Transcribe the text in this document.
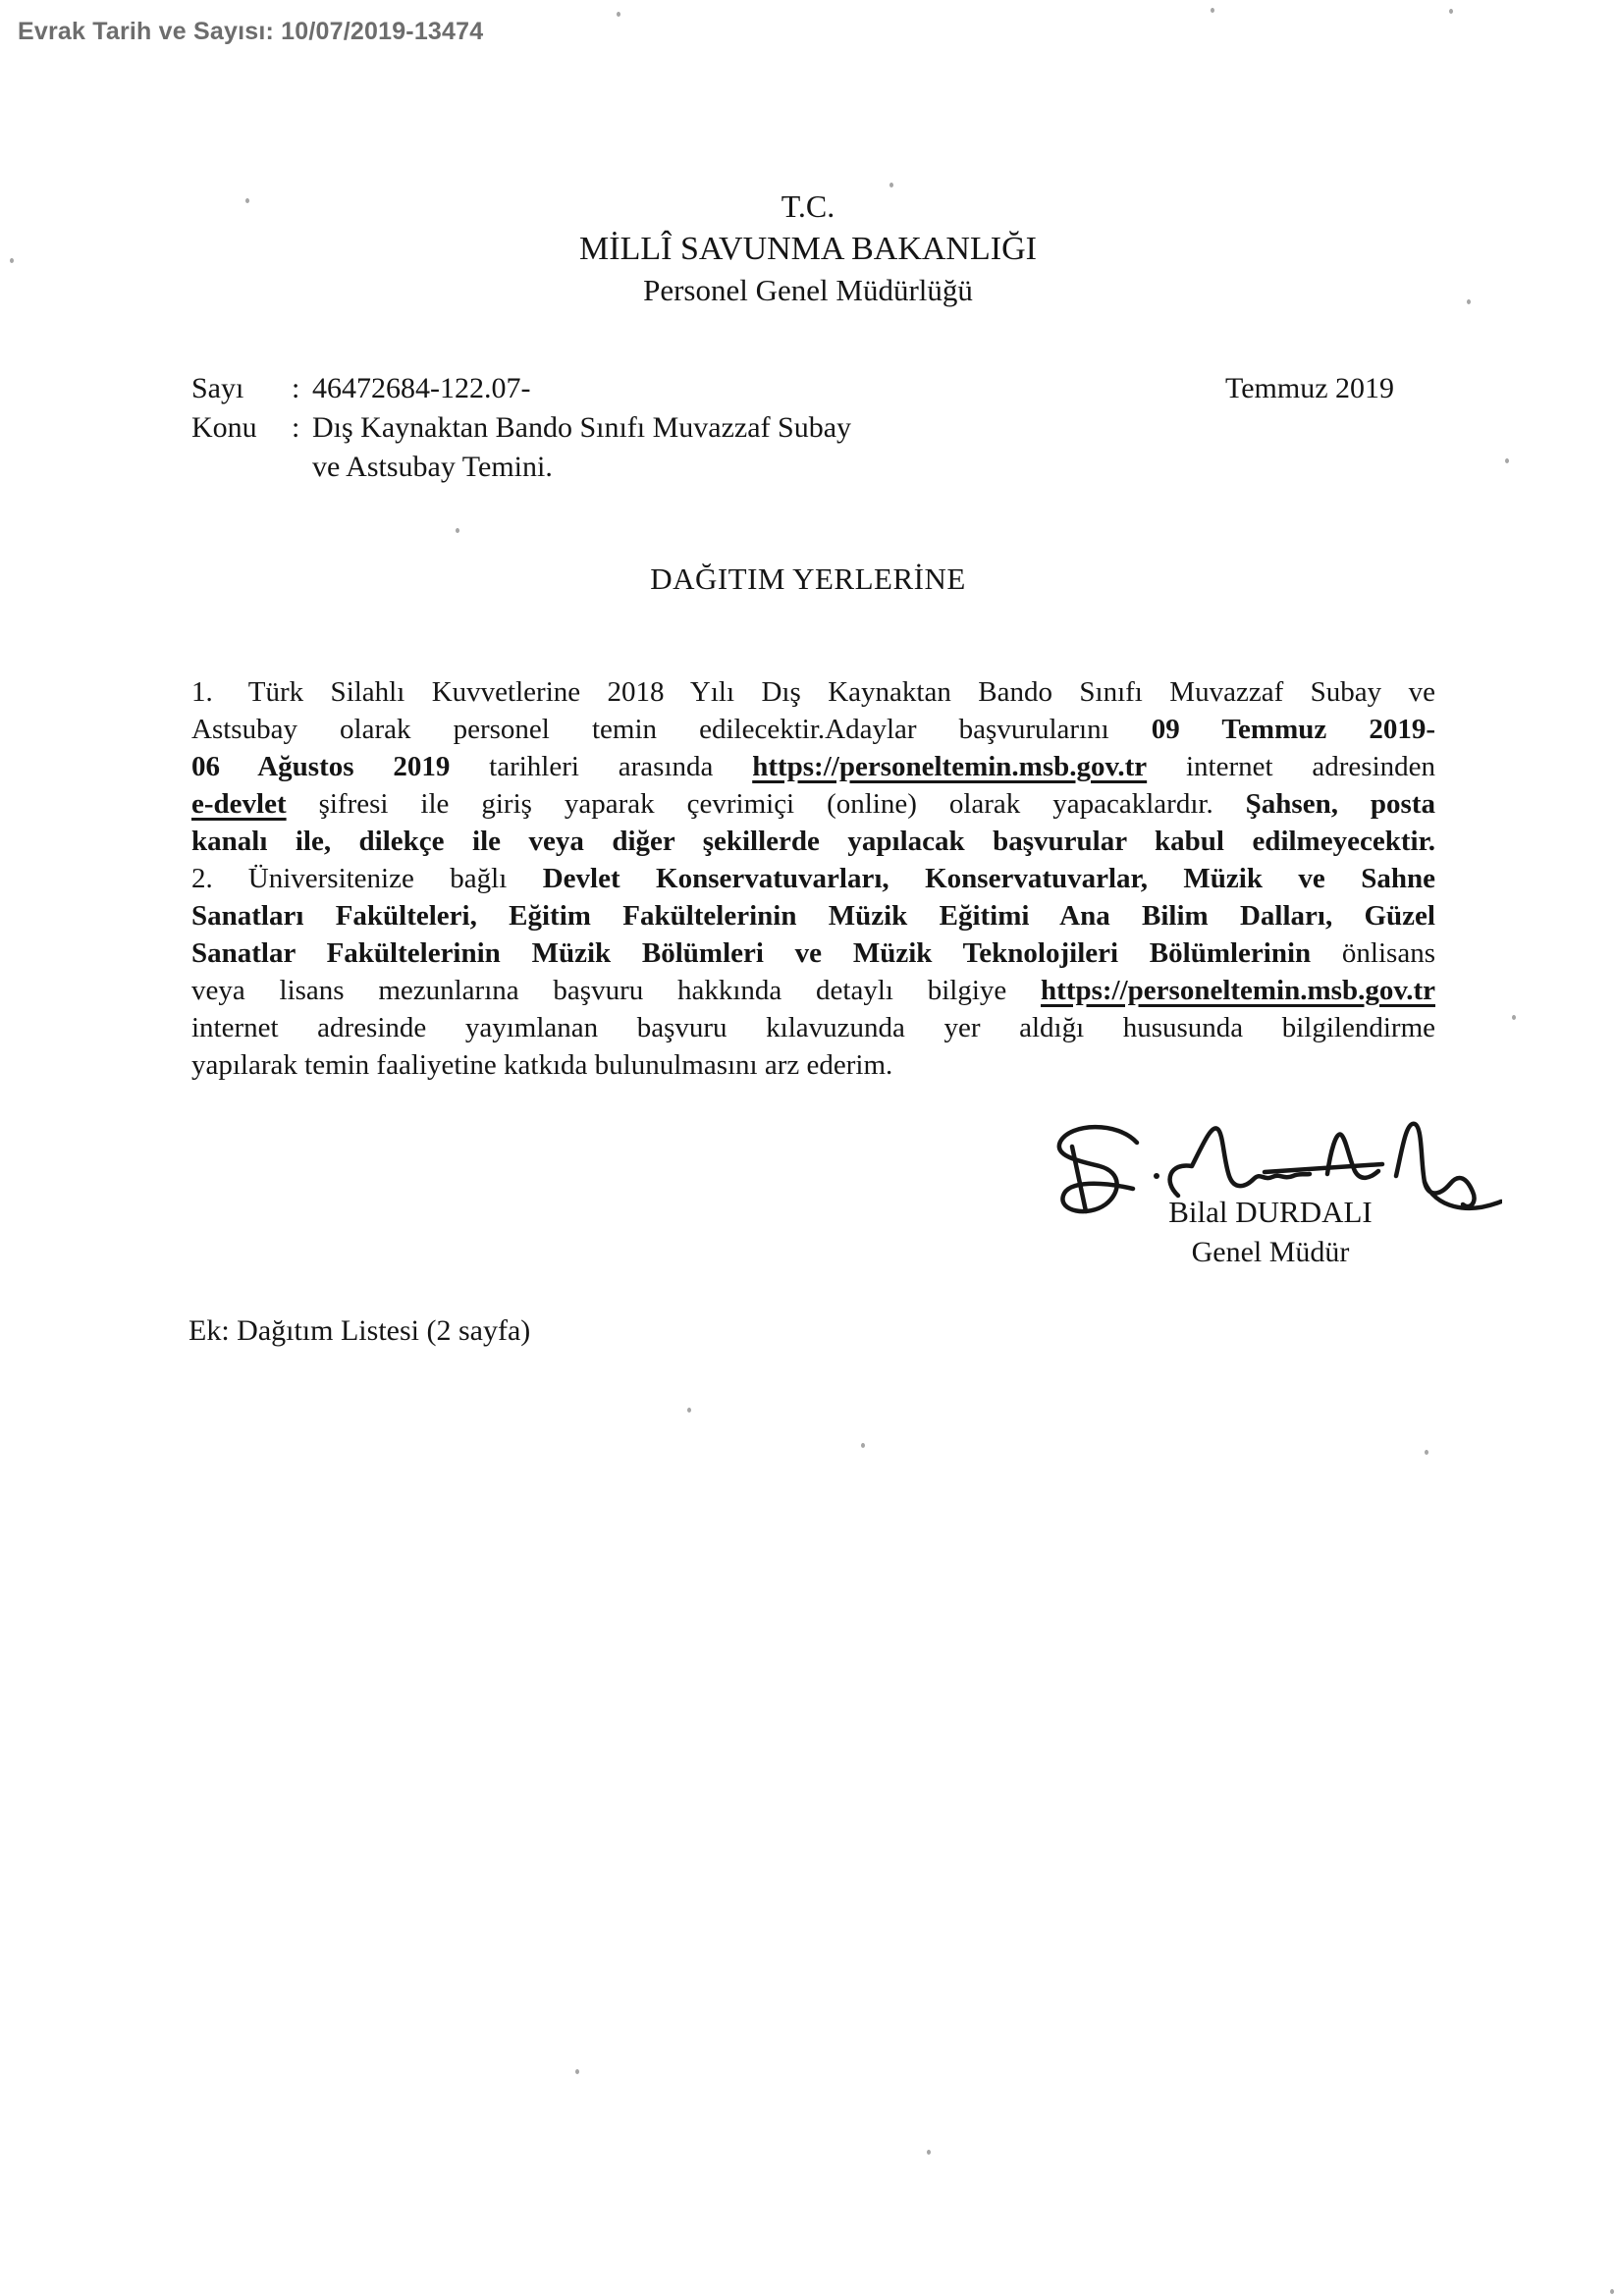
Evrak Tarih ve Sayısı: 10/07/2019-13474
T.C.
MİLLÎ SAVUNMA BAKANLIĞI
Personel Genel Müdürlüğü
Sayı : 46472684-122.07-	Temmuz 2019
Konu : Dış Kaynaktan Bando Sınıfı Muvazzaf Subay
ve Astsubay Temini.
DAĞITIM YERLERİNE
1. Türk Silahlı Kuvvetlerine 2018 Yılı Dış Kaynaktan Bando Sınıfı Muvazzaf Subay ve
Astsubay olarak personel temin edilecektir.Adaylar başvurularını 09 Temmuz 2019-
06 Ağustos 2019 tarihleri arasında https://personeltemin.msb.gov.tr internet adresinden
e-devlet şifresi ile giriş yaparak çevrimiçi (online) olarak yapacaklardır. Şahsen, posta
kanalı ile, dilekçe ile veya diğer şekillerde yapılacak başvurular kabul edilmeyecektir.
2. Üniversitenize bağlı Devlet Konservatuvarları, Konservatuvarlar, Müzik ve Sahne
Sanatları Fakülteleri, Eğitim Fakültelerinin Müzik Eğitimi Ana Bilim Dalları, Güzel
Sanatlar Fakültelerinin Müzik Bölümleri ve Müzik Teknolojileri Bölümlerinin önlisans
veya lisans mezunlarına başvuru hakkında detaylı bilgiye https://personeltemin.msb.gov.tr
internet adresinde yayımlanan başvuru kılavuzunda yer aldığı hususunda bilgilendirme
yapılarak temin faaliyetine katkıda bulunulmasını arz ederim.
Bilal DURDALI
Genel Müdür
Ek: Dağıtım Listesi (2 sayfa)
